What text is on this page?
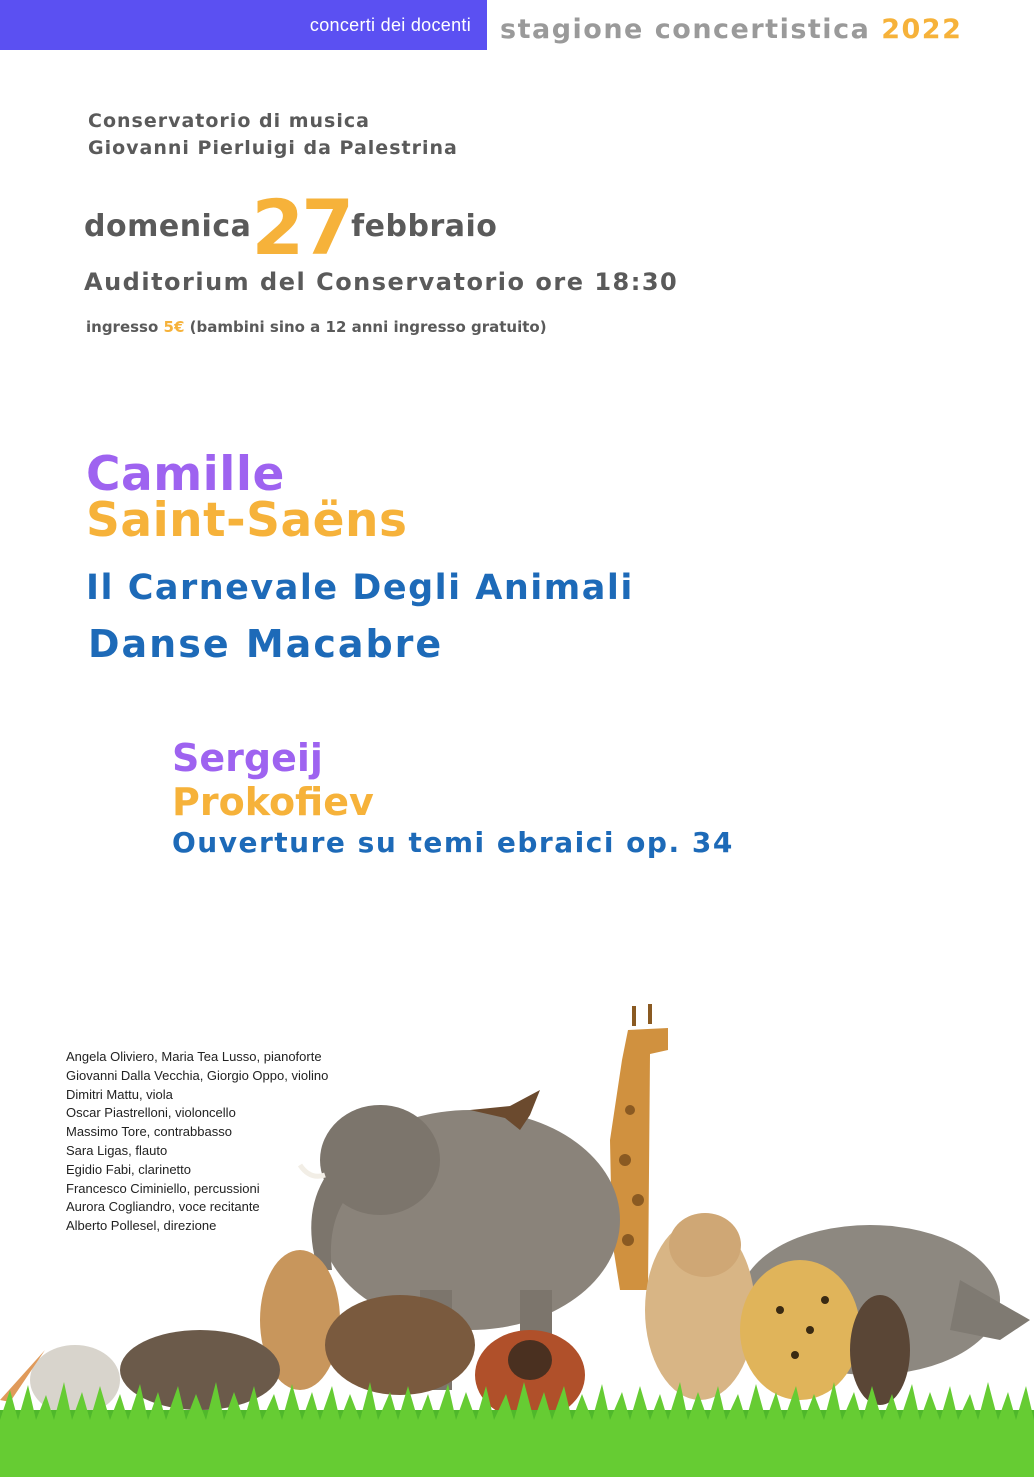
concerti dei docenti	stagione concertistica 2022
Conservatorio di musica
Giovanni Pierluigi da Palestrina
domenica27febbraio
Auditorium del Conservatorio ore 18:30
ingresso 5€ (bambini sino a 12 anni ingresso gratuito)
Camille
Saint-Saëns
Il Carnevale Degli Animali
Danse Macabre
Sergeij
Prokofiev
Ouverture su temi ebraici op. 34
Angela Oliviero, Maria Tea Lusso, pianoforte
Giovanni Dalla Vecchia, Giorgio Oppo, violino
Dimitri Mattu, viola
Oscar Piastrelloni, violoncello
Massimo Tore, contrabbasso
Sara Ligas, flauto
Egidio Fabi, clarinetto
Francesco Ciminiello, percussioni
Aurora Cogliandro, voce recitante
Alberto Pollesel, direzione
